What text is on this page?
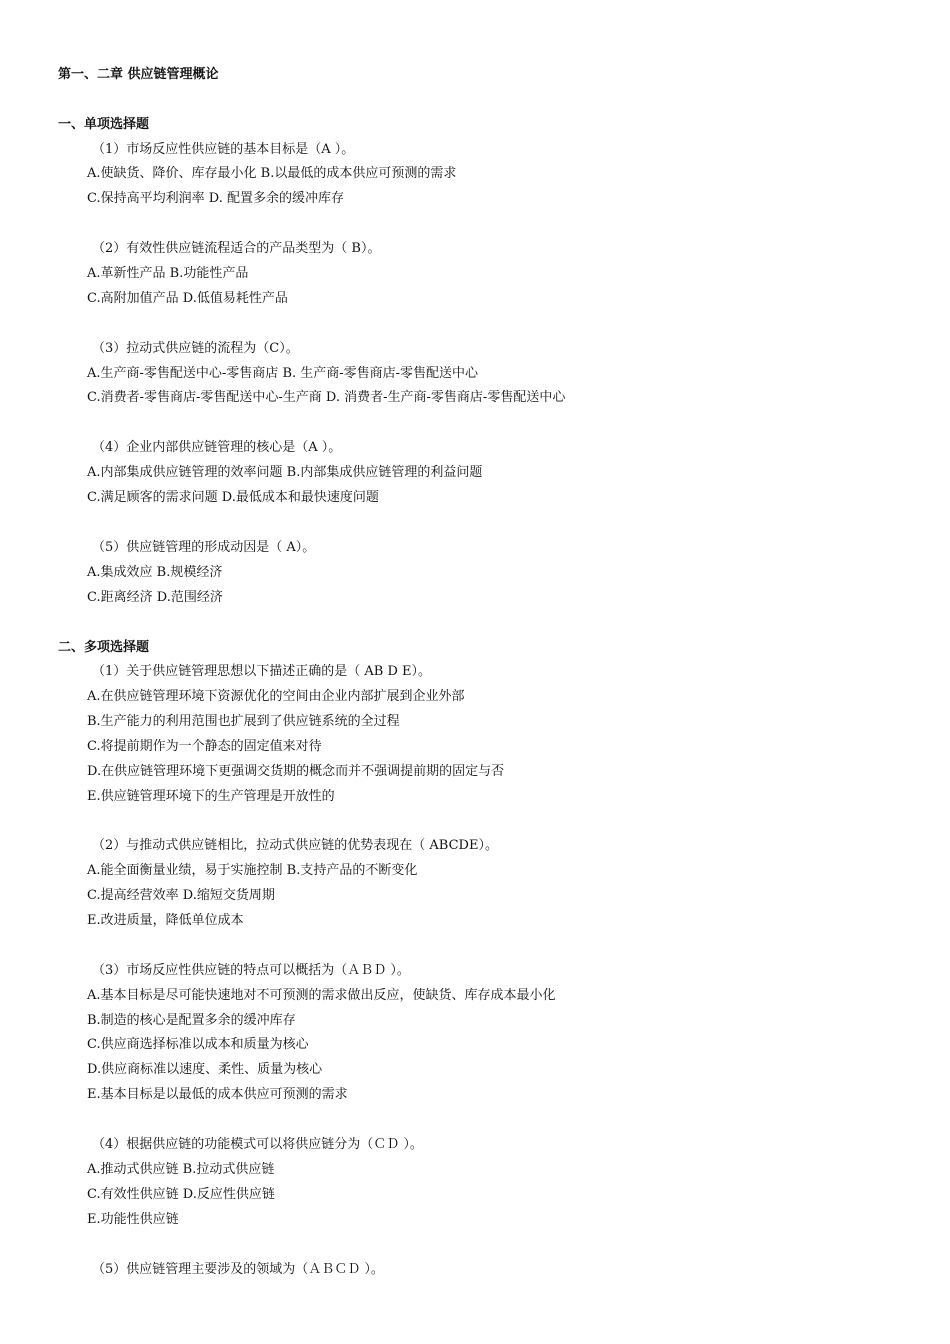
第一、二章 供应链管理概论
一、单项选择题
（1）市场反应性供应链的基本目标是（A ）。
A.使缺货、降价、库存最小化 B.以最低的成本供应可预测的需求
C.保持高平均利润率 D. 配置多余的缓冲库存
（2）有效性供应链流程适合的产品类型为（ B）。
A.革新性产品 B.功能性产品
C.高附加值产品 D.低值易耗性产品
（3）拉动式供应链的流程为（C）。
A.生产商-零售配送中心-零售商店 B. 生产商-零售商店-零售配送中心
C.消费者-零售商店-零售配送中心-生产商 D. 消费者-生产商-零售商店-零售配送中心
（4）企业内部供应链管理的核心是（A ）。
A.内部集成供应链管理的效率问题 B.内部集成供应链管理的利益问题
C.满足顾客的需求问题 D.最低成本和最快速度问题
（5）供应链管理的形成动因是（ A）。
A.集成效应 B.规模经济
C.距离经济 D.范围经济
二、多项选择题
（1）关于供应链管理思想以下描述正确的是（ AB D E）。
A.在供应链管理环境下资源优化的空间由企业内部扩展到企业外部
B.生产能力的利用范围也扩展到了供应链系统的全过程
C.将提前期作为一个静态的固定值来对待
D.在供应链管理环境下更强调交货期的概念而并不强调提前期的固定与否
E.供应链管理环境下的生产管理是开放性的
（2）与推动式供应链相比，拉动式供应链的优势表现在（ ABCDE）。
A.能全面衡量业绩，易于实施控制 B.支持产品的不断变化
C.提高经营效率 D.缩短交货周期
E.改进质量，降低单位成本
（3）市场反应性供应链的特点可以概括为（ＡＢＤ ）。
A.基本目标是尽可能快速地对不可预测的需求做出反应，使缺货、库存成本最小化
B.制造的核心是配置多余的缓冲库存
C.供应商选择标准以成本和质量为核心
D.供应商标准以速度、柔性、质量为核心
E.基本目标是以最低的成本供应可预测的需求
（4）根据供应链的功能模式可以将供应链分为（ＣＤ ）。
A.推动式供应链 B.拉动式供应链
C.有效性供应链 D.反应性供应链
E.功能性供应链
（5）供应链管理主要涉及的领域为（ＡＢＣＤ ）。
